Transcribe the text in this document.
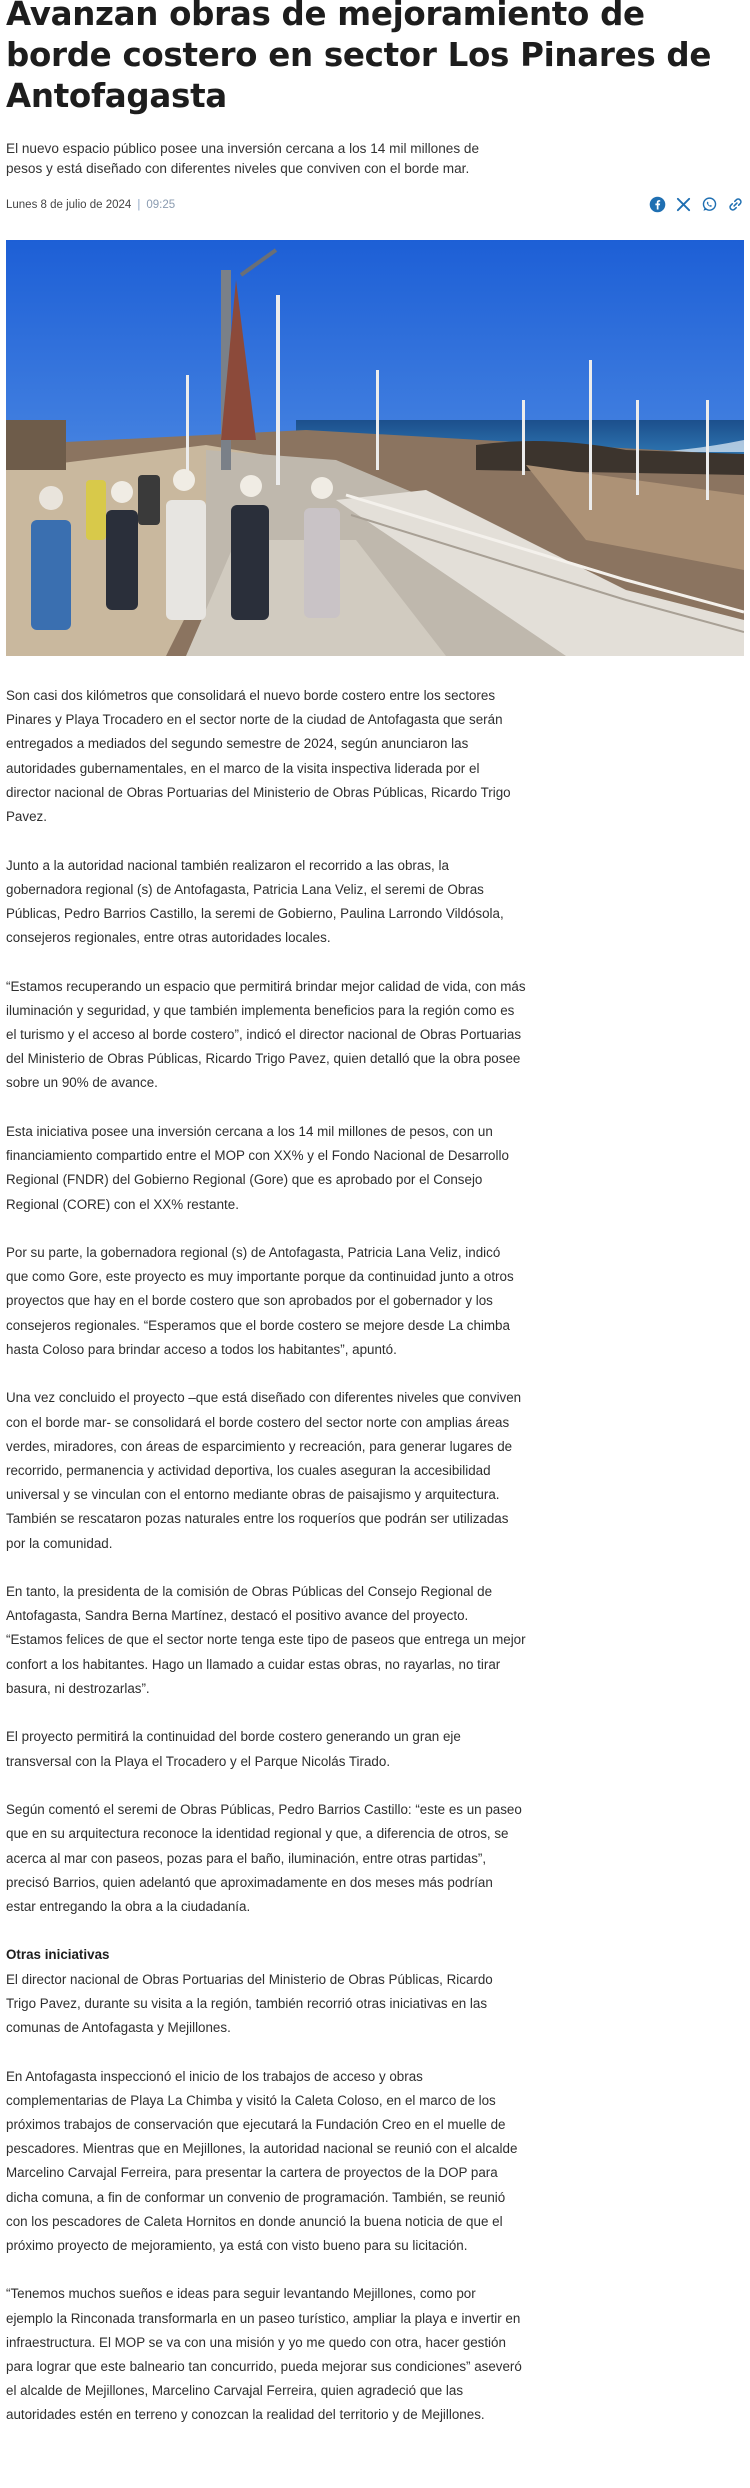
Avanzan obras de mejoramiento de borde costero en sector Los Pinares de Antofagasta

El nuevo espacio público posee una inversión cercana a los 14 mil millones de pesos y está diseñado con diferentes niveles que conviven con el borde mar.

Lunes 8 de julio de 2024 | 09:25

Son casi dos kilómetros que consolidará el nuevo borde costero entre los sectores Pinares y Playa Trocadero en el sector norte de la ciudad de Antofagasta que serán entregados a mediados del segundo semestre de 2024, según anunciaron las autoridades gubernamentales, en el marco de la visita inspectiva liderada por el director nacional de Obras Portuarias del Ministerio de Obras Públicas, Ricardo Trigo Pavez.

Junto a la autoridad nacional también realizaron el recorrido a las obras, la gobernadora regional (s) de Antofagasta, Patricia Lana Veliz, el seremi de Obras Públicas, Pedro Barrios Castillo, la seremi de Gobierno, Paulina Larrondo Vildósola, consejeros regionales, entre otras autoridades locales.

“Estamos recuperando un espacio que permitirá brindar mejor calidad de vida, con más iluminación y seguridad, y que también implementa beneficios para la región como es el turismo y el acceso al borde costero”, indicó el director nacional de Obras Portuarias del Ministerio de Obras Públicas, Ricardo Trigo Pavez, quien detalló que la obra posee sobre un 90% de avance.

Esta iniciativa posee una inversión cercana a los 14 mil millones de pesos, con un financiamiento compartido entre el MOP con XX% y el Fondo Nacional de Desarrollo Regional (FNDR) del Gobierno Regional (Gore) que es aprobado por el Consejo Regional (CORE) con el XX% restante.

Por su parte, la gobernadora regional (s) de Antofagasta, Patricia Lana Veliz, indicó que como Gore, este proyecto es muy importante porque da continuidad junto a otros proyectos que hay en el borde costero que son aprobados por el gobernador y los consejeros regionales. “Esperamos que el borde costero se mejore desde La chimba hasta Coloso para brindar acceso a todos los habitantes”, apuntó.

Una vez concluido el proyecto –que está diseñado con diferentes niveles que conviven con el borde mar- se consolidará el borde costero del sector norte con amplias áreas verdes, miradores, con áreas de esparcimiento y recreación, para generar lugares de recorrido, permanencia y actividad deportiva, los cuales aseguran la accesibilidad universal y se vinculan con el entorno mediante obras de paisajismo y arquitectura. También se rescataron pozas naturales entre los roqueríos que podrán ser utilizadas por la comunidad.

En tanto, la presidenta de la comisión de Obras Públicas del Consejo Regional de Antofagasta, Sandra Berna Martínez, destacó el positivo avance del proyecto. “Estamos felices de que el sector norte tenga este tipo de paseos que entrega un mejor confort a los habitantes. Hago un llamado a cuidar estas obras, no rayarlas, no tirar basura, ni destrozarlas”.

El proyecto permitirá la continuidad del borde costero generando un gran eje transversal con la Playa el Trocadero y el Parque Nicolás Tirado.

Según comentó el seremi de Obras Públicas, Pedro Barrios Castillo: “este es un paseo que en su arquitectura reconoce la identidad regional y que, a diferencia de otros, se acerca al mar con paseos, pozas para el baño, iluminación, entre otras partidas”, precisó Barrios, quien adelantó que aproximadamente en dos meses más podrían estar entregando la obra a la ciudadanía.

Otras iniciativas

El director nacional de Obras Portuarias del Ministerio de Obras Públicas, Ricardo Trigo Pavez, durante su visita a la región, también recorrió otras iniciativas en las comunas de Antofagasta y Mejillones.

En Antofagasta inspeccionó el inicio de los trabajos de acceso y obras complementarias de Playa La Chimba y visitó la Caleta Coloso, en el marco de los próximos trabajos de conservación que ejecutará la Fundación Creo en el muelle de pescadores. Mientras que en Mejillones, la autoridad nacional se reunió con el alcalde Marcelino Carvajal Ferreira, para presentar la cartera de proyectos de la DOP para dicha comuna, a fin de conformar un convenio de programación. También, se reunió con los pescadores de Caleta Hornitos en donde anunció la buena noticia de que el próximo proyecto de mejoramiento, ya está con visto bueno para su licitación.

“Tenemos muchos sueños e ideas para seguir levantando Mejillones, como por ejemplo la Rinconada transformarla en un paseo turístico, ampliar la playa e invertir en infraestructura. El MOP se va con una misión y yo me quedo con otra, hacer gestión para lograr que este balneario tan concurrido, pueda mejorar sus condiciones” aseveró el alcalde de Mejillones, Marcelino Carvajal Ferreira, quien agradeció que las autoridades estén en terreno y conozcan la realidad del territorio y de Mejillones.
